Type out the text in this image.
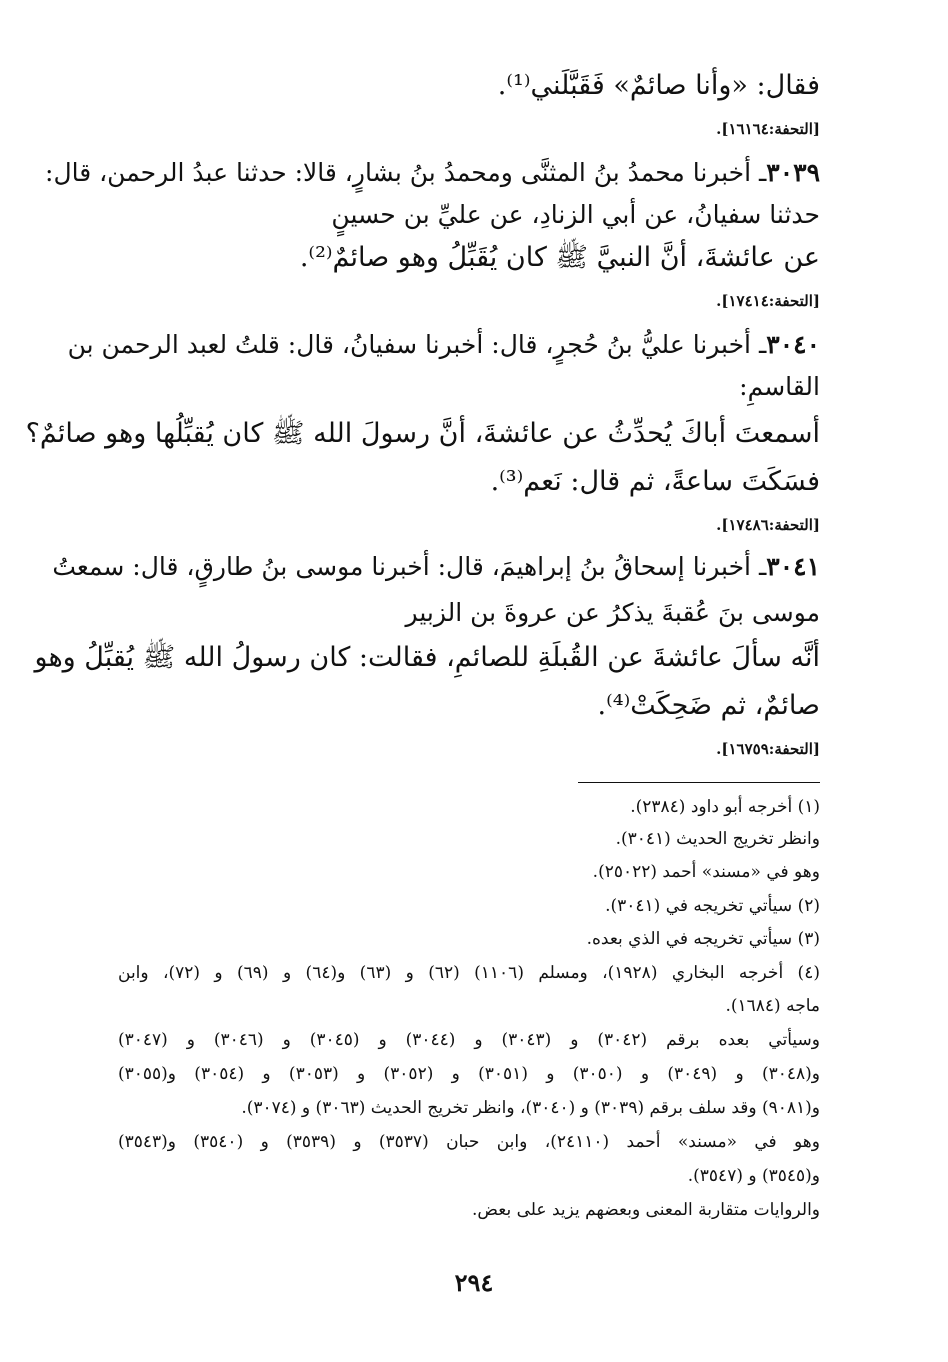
فقال: «وأنا صائمٌ» فَقَبَّلَني⁽¹⁾.
[التحفة:١٦١٦٤].
٣٠٣٩ـ أخبرنا محمدُ بنُ المثنَّى ومحمدُ بنُ بشارٍ، قالا: حدثنا عبدُ الرحمن، قال:
حدثنا سفيانُ، عن أبي الزنادِ، عن عليِّ بن حسينٍ
عن عائشةَ، أنَّ النبيَّ ﷺ كان يُقَبِّلُ وهو صائمٌ⁽²⁾.
[التحفة:١٧٤١٤].
٣٠٤٠ـ أخبرنا عليُّ بنُ حُجرٍ، قال: أخبرنا سفيانُ، قال: قلتُ لعبد الرحمن بن
القاسمِ:
أسمعتَ أباكَ يُحدِّثُ عن عائشةَ، أنَّ رسولَ الله ﷺ كان يُقبِّلُها وهو صائمٌ؟
فسَكَتَ ساعةً، ثم قال: نَعم⁽³⁾.
[التحفة:١٧٤٨٦].
٣٠٤١ـ أخبرنا إسحاقُ بنُ إبراهيمَ، قال: أخبرنا موسى بنُ طارقٍ، قال: سمعتُ
موسى بنَ عُقبةَ يذكرُ عن عروةَ بن الزبير
أنَّه سألَ عائشةَ عن القُبلَةِ للصائمِ، فقالت: كان رسولُ الله ﷺ يُقبِّلُ وهو
صائمٌ، ثم ضَحِكَتْ⁽⁴⁾.
[التحفة:١٦٧٥٩].
(١) أخرجه أبو داود (٢٣٨٤).
وانظر تخريج الحديث (٣٠٤١).
وهو في «مسند» أحمد (٢٥٠٢٢).
(٢) سيأتي تخريجه في (٣٠٤١).
(٣) سيأتي تخريجه في الذي بعده.
(٤) أخرجه البخاري (١٩٢٨)، ومسلم (١١٠٦) (٦٢) و (٦٣) و(٦٤) و (٦٩) و (٧٢)، وابن
ماجه (١٦٨٤).
وسيأتي بعده برقم (٣٠٤٢) و (٣٠٤٣) و (٣٠٤٤) و (٣٠٤٥) و (٣٠٤٦) و (٣٠٤٧)
و(٣٠٤٨) و (٣٠٤٩) و (٣٠٥٠) و (٣٠٥١) و (٣٠٥٢) و (٣٠٥٣) و (٣٠٥٤) و(٣٠٥٥)
و(٩٠٨١) وقد سلف برقم (٣٠٣٩) و (٣٠٤٠)، وانظر تخريج الحديث (٣٠٦٣) و (٣٠٧٤).
وهو في «مسند» أحمد (٢٤١١٠)، وابن حبان (٣٥٣٧) و (٣٥٣٩) و (٣٥٤٠) و(٣٥٤٣)
و(٣٥٤٥) و (٣٥٤٧).
والروايات متقاربة المعنى وبعضهم يزيد على بعض.
٢٩٤
